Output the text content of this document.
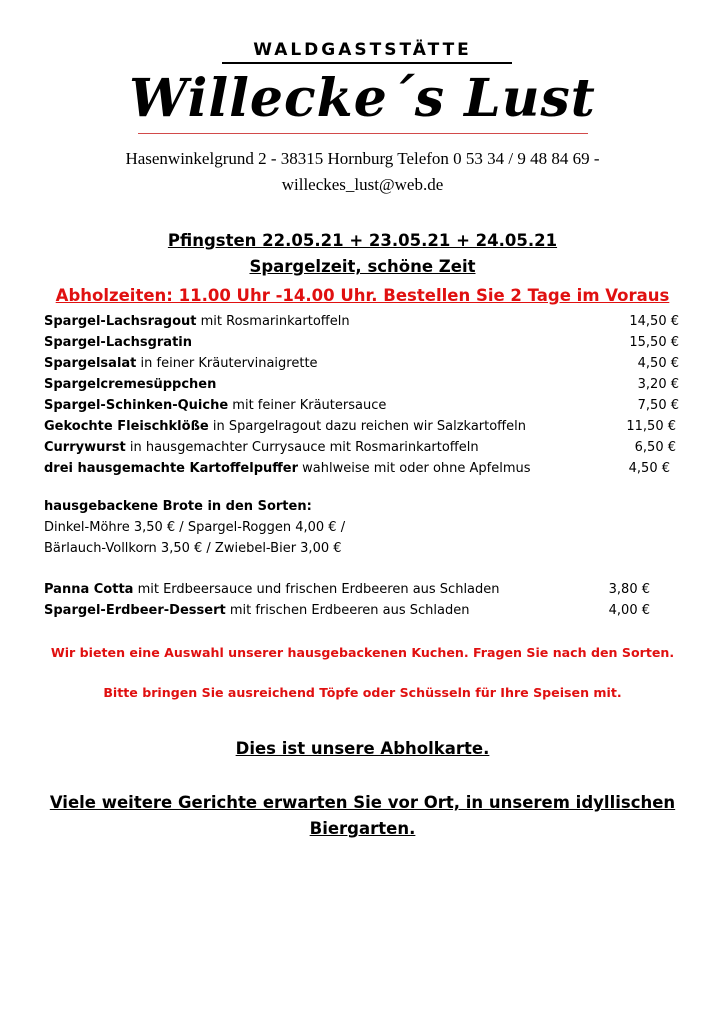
WALDGASTSTÄTTE
Willecke´s Lust
Hasenwinkelgrund 2 - 38315 Hornburg Telefon 0 53 34 / 9 48 84 69 -
willeckes_lust@web.de
Pfingsten 22.05.21 + 23.05.21 + 24.05.21
Spargelzeit, schöne Zeit
Abholzeiten: 11.00 Uhr -14.00 Uhr. Bestellen Sie 2 Tage im Voraus
Spargel-Lachsragout mit Rosmarinkartoffeln	14,50 €
Spargel-Lachsgratin	15,50 €
Spargelsalat in feiner Kräutervinaigrette	4,50 €
Spargelcremesüppchen	3,20 €
Spargel-Schinken-Quiche mit feiner Kräutersauce	7,50 €
Gekochte Fleischklöße in Spargelragout dazu reichen wir Salzkartoffeln	11,50 €
Currywurst in hausgemachter Currysauce mit Rosmarinkartoffeln	6,50 €
drei hausgemachte Kartoffelpuffer wahlweise mit oder ohne Apfelmus	4,50 €
hausgebackene Brote in den Sorten:
Dinkel-Möhre 3,50 € / Spargel-Roggen 4,00 € /
Bärlauch-Vollkorn 3,50 € / Zwiebel-Bier 3,00 €
Panna Cotta mit Erdbeersauce und frischen Erdbeeren aus Schladen	3,80 €
Spargel-Erdbeer-Dessert mit frischen Erdbeeren aus Schladen	4,00 €
Wir bieten eine Auswahl unserer hausgebackenen Kuchen. Fragen Sie nach den Sorten.
Bitte bringen Sie ausreichend Töpfe oder Schüsseln für Ihre Speisen mit.
Dies ist unsere Abholkarte.
Viele weitere Gerichte erwarten Sie vor Ort, in unserem idyllischen
Biergarten.
